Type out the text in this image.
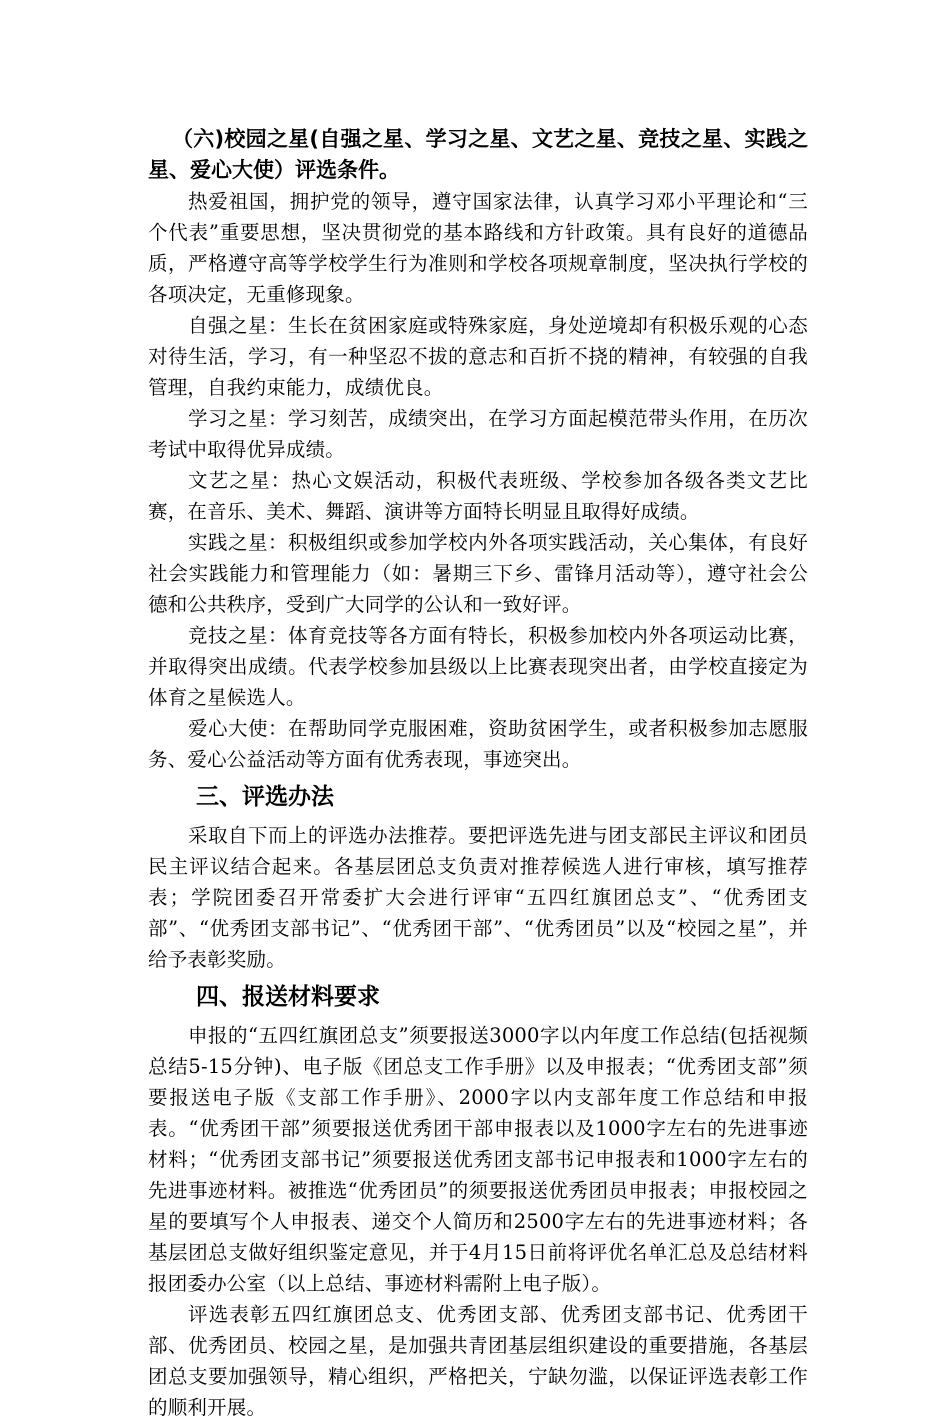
（六)校园之星(自强之星、学习之星、文艺之星、竞技之星、实践之星、爱心大使）评选条件。

热爱祖国，拥护党的领导，遵守国家法律，认真学习邓小平理论和“三个代表”重要思想，坚决贯彻党的基本路线和方针政策。具有良好的道德品质，严格遵守高等学校学生行为准则和学校各项规章制度，坚决执行学校的各项决定，无重修现象。

自强之星：生长在贫困家庭或特殊家庭，身处逆境却有积极乐观的心态对待生活，学习，有一种坚忍不拔的意志和百折不挠的精神，有较强的自我管理，自我约束能力，成绩优良。

学习之星：学习刻苦，成绩突出，在学习方面起模范带头作用，在历次考试中取得优异成绩。

文艺之星：热心文娱活动，积极代表班级、学校参加各级各类文艺比赛，在音乐、美术、舞蹈、演讲等方面特长明显且取得好成绩。

实践之星：积极组织或参加学校内外各项实践活动，关心集体，有良好社会实践能力和管理能力（如：暑期三下乡、雷锋月活动等），遵守社会公德和公共秩序，受到广大同学的公认和一致好评。

竞技之星：体育竞技等各方面有特长，积极参加校内外各项运动比赛，并取得突出成绩。代表学校参加县级以上比赛表现突出者，由学校直接定为体育之星候选人。

爱心大使：在帮助同学克服困难，资助贫困学生，或者积极参加志愿服务、爱心公益活动等方面有优秀表现，事迹突出。

三、评选办法

采取自下而上的评选办法推荐。要把评选先进与团支部民主评议和团员民主评议结合起来。各基层团总支负责对推荐候选人进行审核，填写推荐表；学院团委召开常委扩大会进行评审“五四红旗团总支”、“优秀团支部”、“优秀团支部书记”、“优秀团干部”、“优秀团员”以及“校园之星”，并给予表彰奖励。

四、报送材料要求

申报的“五四红旗团总支”须要报送3000字以内年度工作总结(包括视频总结5-15分钟)、电子版《团总支工作手册》以及申报表；“优秀团支部”须要报送电子版《支部工作手册》、2000字以内支部年度工作总结和申报表。“优秀团干部”须要报送优秀团干部申报表以及1000字左右的先进事迹材料；“优秀团支部书记”须要报送优秀团支部书记申报表和1000字左右的先进事迹材料。被推选“优秀团员”的须要报送优秀团员申报表；申报校园之星的要填写个人申报表、递交个人简历和2500字左右的先进事迹材料；各基层团总支做好组织鉴定意见，并于4月15日前将评优名单汇总及总结材料报团委办公室（以上总结、事迹材料需附上电子版）。

评选表彰五四红旗团总支、优秀团支部、优秀团支部书记、优秀团干部、优秀团员、校园之星，是加强共青团基层组织建设的重要措施，各基层团总支要加强领导，精心组织，严格把关，宁缺勿滥，以保证评选表彰工作的顺利开展。
